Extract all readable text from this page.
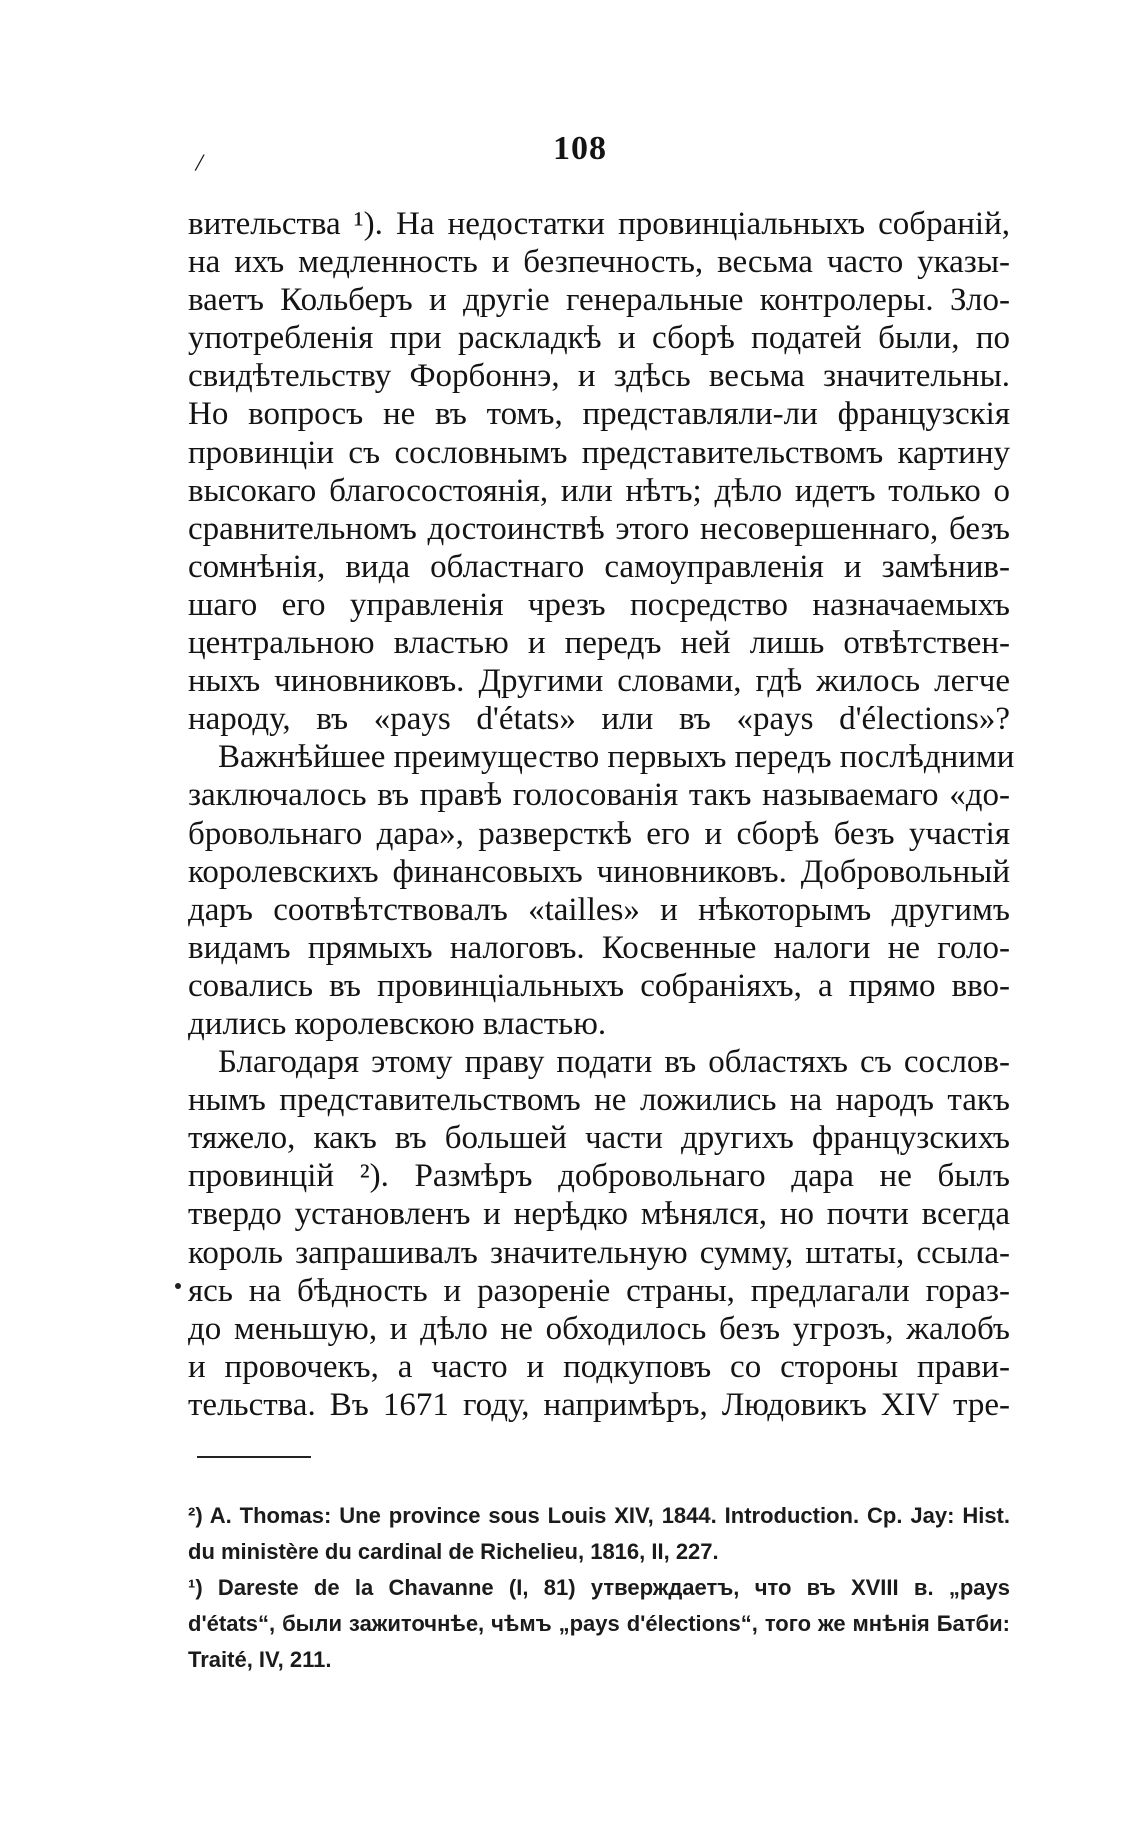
/	108
вительства ¹). На недостатки провинціальныхъ собраній,
на ихъ медленность и безпечность, весьма часто указы-
ваетъ Кольберъ и другіе генеральные контролеры. Зло-
употребленія при раскладкѣ и сборѣ податей были, по
свидѣтельству Форбоннэ, и здѣсь весьма значительны.
Но вопросъ не въ томъ, представляли-ли французскія
провинціи съ сословнымъ представительствомъ картину
высокаго благосостоянія, или нѣтъ; дѣло идетъ только о
сравнительномъ достоинствѣ этого несовершеннаго, безъ
сомнѣнія, вида областнаго самоуправленія и замѣнив-
шаго его управленія чрезъ посредство назначаемыхъ
центральною властью и передъ ней лишь отвѣтствен-
ныхъ чиновниковъ. Другими словами, гдѣ жилось легче
народу, въ «pays d'états» или въ «pays d'élections»?
Важнѣйшее преимущество первыхъ передъ послѣдними
заключалось въ правѣ голосованія такъ называемаго «до-
бровольнаго дара», разверсткѣ его и сборѣ безъ участія
королевскихъ финансовыхъ чиновниковъ. Добровольный
даръ соотвѣтствовалъ «tailles» и нѣкоторымъ другимъ
видамъ прямыхъ налоговъ. Косвенные налоги не голо-
совались въ провинціальныхъ собраніяхъ, а прямо вво-
дились королевскою властью.
Благодаря этому праву подати въ областяхъ съ сослов-
нымъ представительствомъ не ложились на народъ такъ
тяжело, какъ въ большей части другихъ французскихъ
провинцій ²). Размѣръ добровольнаго дара не былъ
твердо установленъ и нерѣдко мѣнялся, но почти всегда
король запрашивалъ значительную сумму, штаты, ссыла-
ясь на бѣдность и разореніе страны, предлагали гораз-
до меньшую, и дѣло не обходилось безъ угрозъ, жалобъ
и провочекъ, а часто и подкуповъ со стороны прави-
тельства. Въ 1671 году, напримѣръ, Людовикъ XIV тре-
²) A. Thomas: Une province sous Louis XIV, 1844. Introduction. Cp. Jay: Hist.
du ministère du cardinal de Richelieu, 1816, II, 227.
¹) Dareste de la Chavanne (I, 81) утверждаетъ, что въ XVIII в. „pays
d'états“, были зажиточнѣе, чѣмъ „pays d'élections“, того же мнѣнія Батби:
Traité, IV, 211.
